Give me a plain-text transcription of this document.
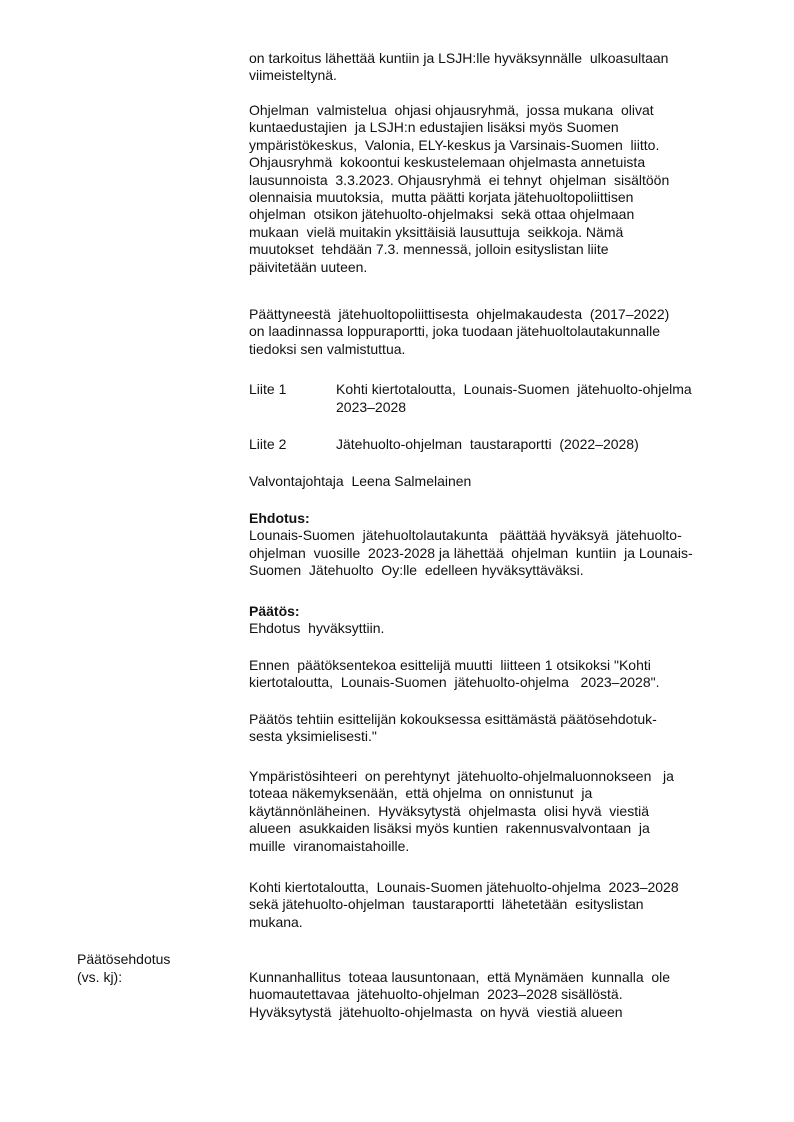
on tarkoitus lähettää kuntiin ja LSJH:lle hyväksynnälle  ulkoasultaan

viimeisteltynä.

Ohjelman  valmistelua  ohjasi ohjausryhmä,  jossa mukana  olivat

kuntaedustajien  ja LSJH:n edustajien lisäksi myös Suomen

ympäristökeskus,  Valonia, ELY-keskus ja Varsinais-Suomen  liitto.

Ohjausryhmä  kokoontui keskustelemaan ohjelmasta annetuista

lausunnoista  3.3.2023. Ohjausryhmä  ei tehnyt  ohjelman  sisältöön

olennaisia muutoksia,  mutta päätti korjata jätehuoltopoliittisen

ohjelman  otsikon jätehuolto-ohjelmaksi  sekä ottaa ohjelmaan

mukaan  vielä muitakin yksittäisiä lausuttuja  seikkoja. Nämä

muutokset  tehdään 7.3. mennessä, jolloin esityslistan liite

päivitetään uuteen.

Päättyneestä  jätehuoltopoliittisesta  ohjelmakaudesta  (2017–2022)

on laadinnassa loppuraportti, joka tuodaan jätehuoltolautakunnalle

tiedoksi sen valmistuttua.

Liite 1	Kohti kiertotaloutta,  Lounais-Suomen  jätehuolto-ohjelma
2023–2028
Liite 2	Jätehuolto-ohjelman  taustaraportti  (2022–2028)
Valvontajohtaja  Leena Salmelainen

Ehdotus:

Lounais-Suomen  jätehuoltolautakunta   päättää hyväksyä  jätehuolto-

ohjelman  vuosille  2023-2028 ja lähettää  ohjelman  kuntiin  ja Lounais-

Suomen  Jätehuolto  Oy:lle  edelleen hyväksyttäväksi.

Päätös:

Ehdotus  hyväksyttiin.

Ennen  päätöksentekoa esittelijä muutti  liitteen 1 otsikoksi "Kohti

kiertotaloutta,  Lounais-Suomen  jätehuolto-ohjelma   2023–2028".

Päätös tehtiin esittelijän kokouksessa esittämästä päätösehdotuk-

sesta yksimielisesti."

Ympäristösihteeri  on perehtynyt  jätehuolto-ohjelmaluonnokseen   ja

toteaa näkemyksenään,  että ohjelma  on onnistunut  ja

käytännönläheinen.  Hyväksytystä  ohjelmasta  olisi hyvä  viestiä

alueen  asukkaiden lisäksi myös kuntien  rakennusvalvontaan  ja

muille  viranomaistahoille.

Kohti kiertotaloutta,  Lounais-Suomen jätehuolto-ohjelma  2023–2028

sekä jätehuolto-ohjelman  taustaraportti  lähetetään  esityslistan

mukana.

Päätösehdotus
(vs. kj):	Kunnanhallitus  toteaa lausuntonaan,  että Mynämäen  kunnalla  ole

huomautettavaa  jätehuolto-ohjelman  2023–2028 sisällöstä.

Hyväksytystä  jätehuolto-ohjelmasta  on hyvä  viestiä alueen
